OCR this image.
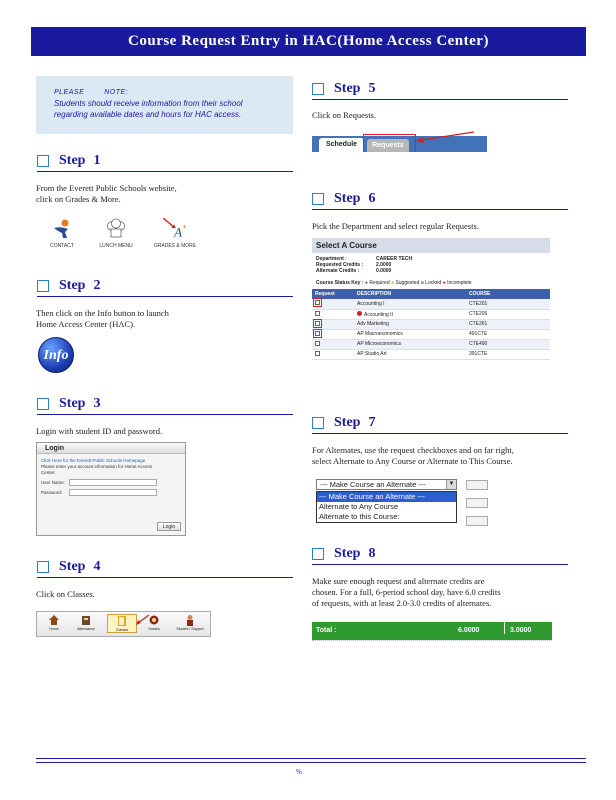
Course Request Entry in HAC(Home Access Center)
PLEASE	NOTE:
Students should receive information from their school
regarding available dates and hours for HAC access.
Step 1
From the Everett Public Schools website,
click on Grades & More.
CONTACT	LUNCH MENU
A +
GRADES & MORE
Step 2
Then click on the Info button to launch
Home Access Center (HAC).
Info
Step 3
Login with student ID and password.
Login
Click Here for the Everett Public Schools Homepage
Please enter your account information for Home Access
Center.
User Name:
Password:
Login
Step 4
Click on Classes.
Home	Attendance	Classes	Grades	Student / Support
Step 5
Click on Requests.
Schedule	Requests
Step 6
Pick the Department and select regular Requests.
Select A Course
Department :	CAREER TECH
Requested Credits :	2.0000
Alternate Credits :	0.0000
Course Status Key : ● Required ● Suggested ■ Locked ● Incomplete
Request	DESCRIPTION	COURSE
	Accounting I	CTE201
	Accounting II	CTE205
	Adv Marketing	CTE261
	AP Macroeconomics	491CTE
	AP Microeconomics	CTE490
	AP Studio Art	391CTE
Step 7
For Alternates, use the request checkboxes and on far right,
select Alternate to Any Course or Alternate to This Course.
--- Make Course an Alternate ---	▼
--- Make Course an Alternate ---
Alternate to Any Course
Alternate to this Course:
Step 8
Make sure enough request and alternate credits are
chosen. For a full, 6-period school day, have 6.0 credits
of requests, with at least 2.0-3.0 credits of alternates.
Total :	6.0000	3.0000
%
